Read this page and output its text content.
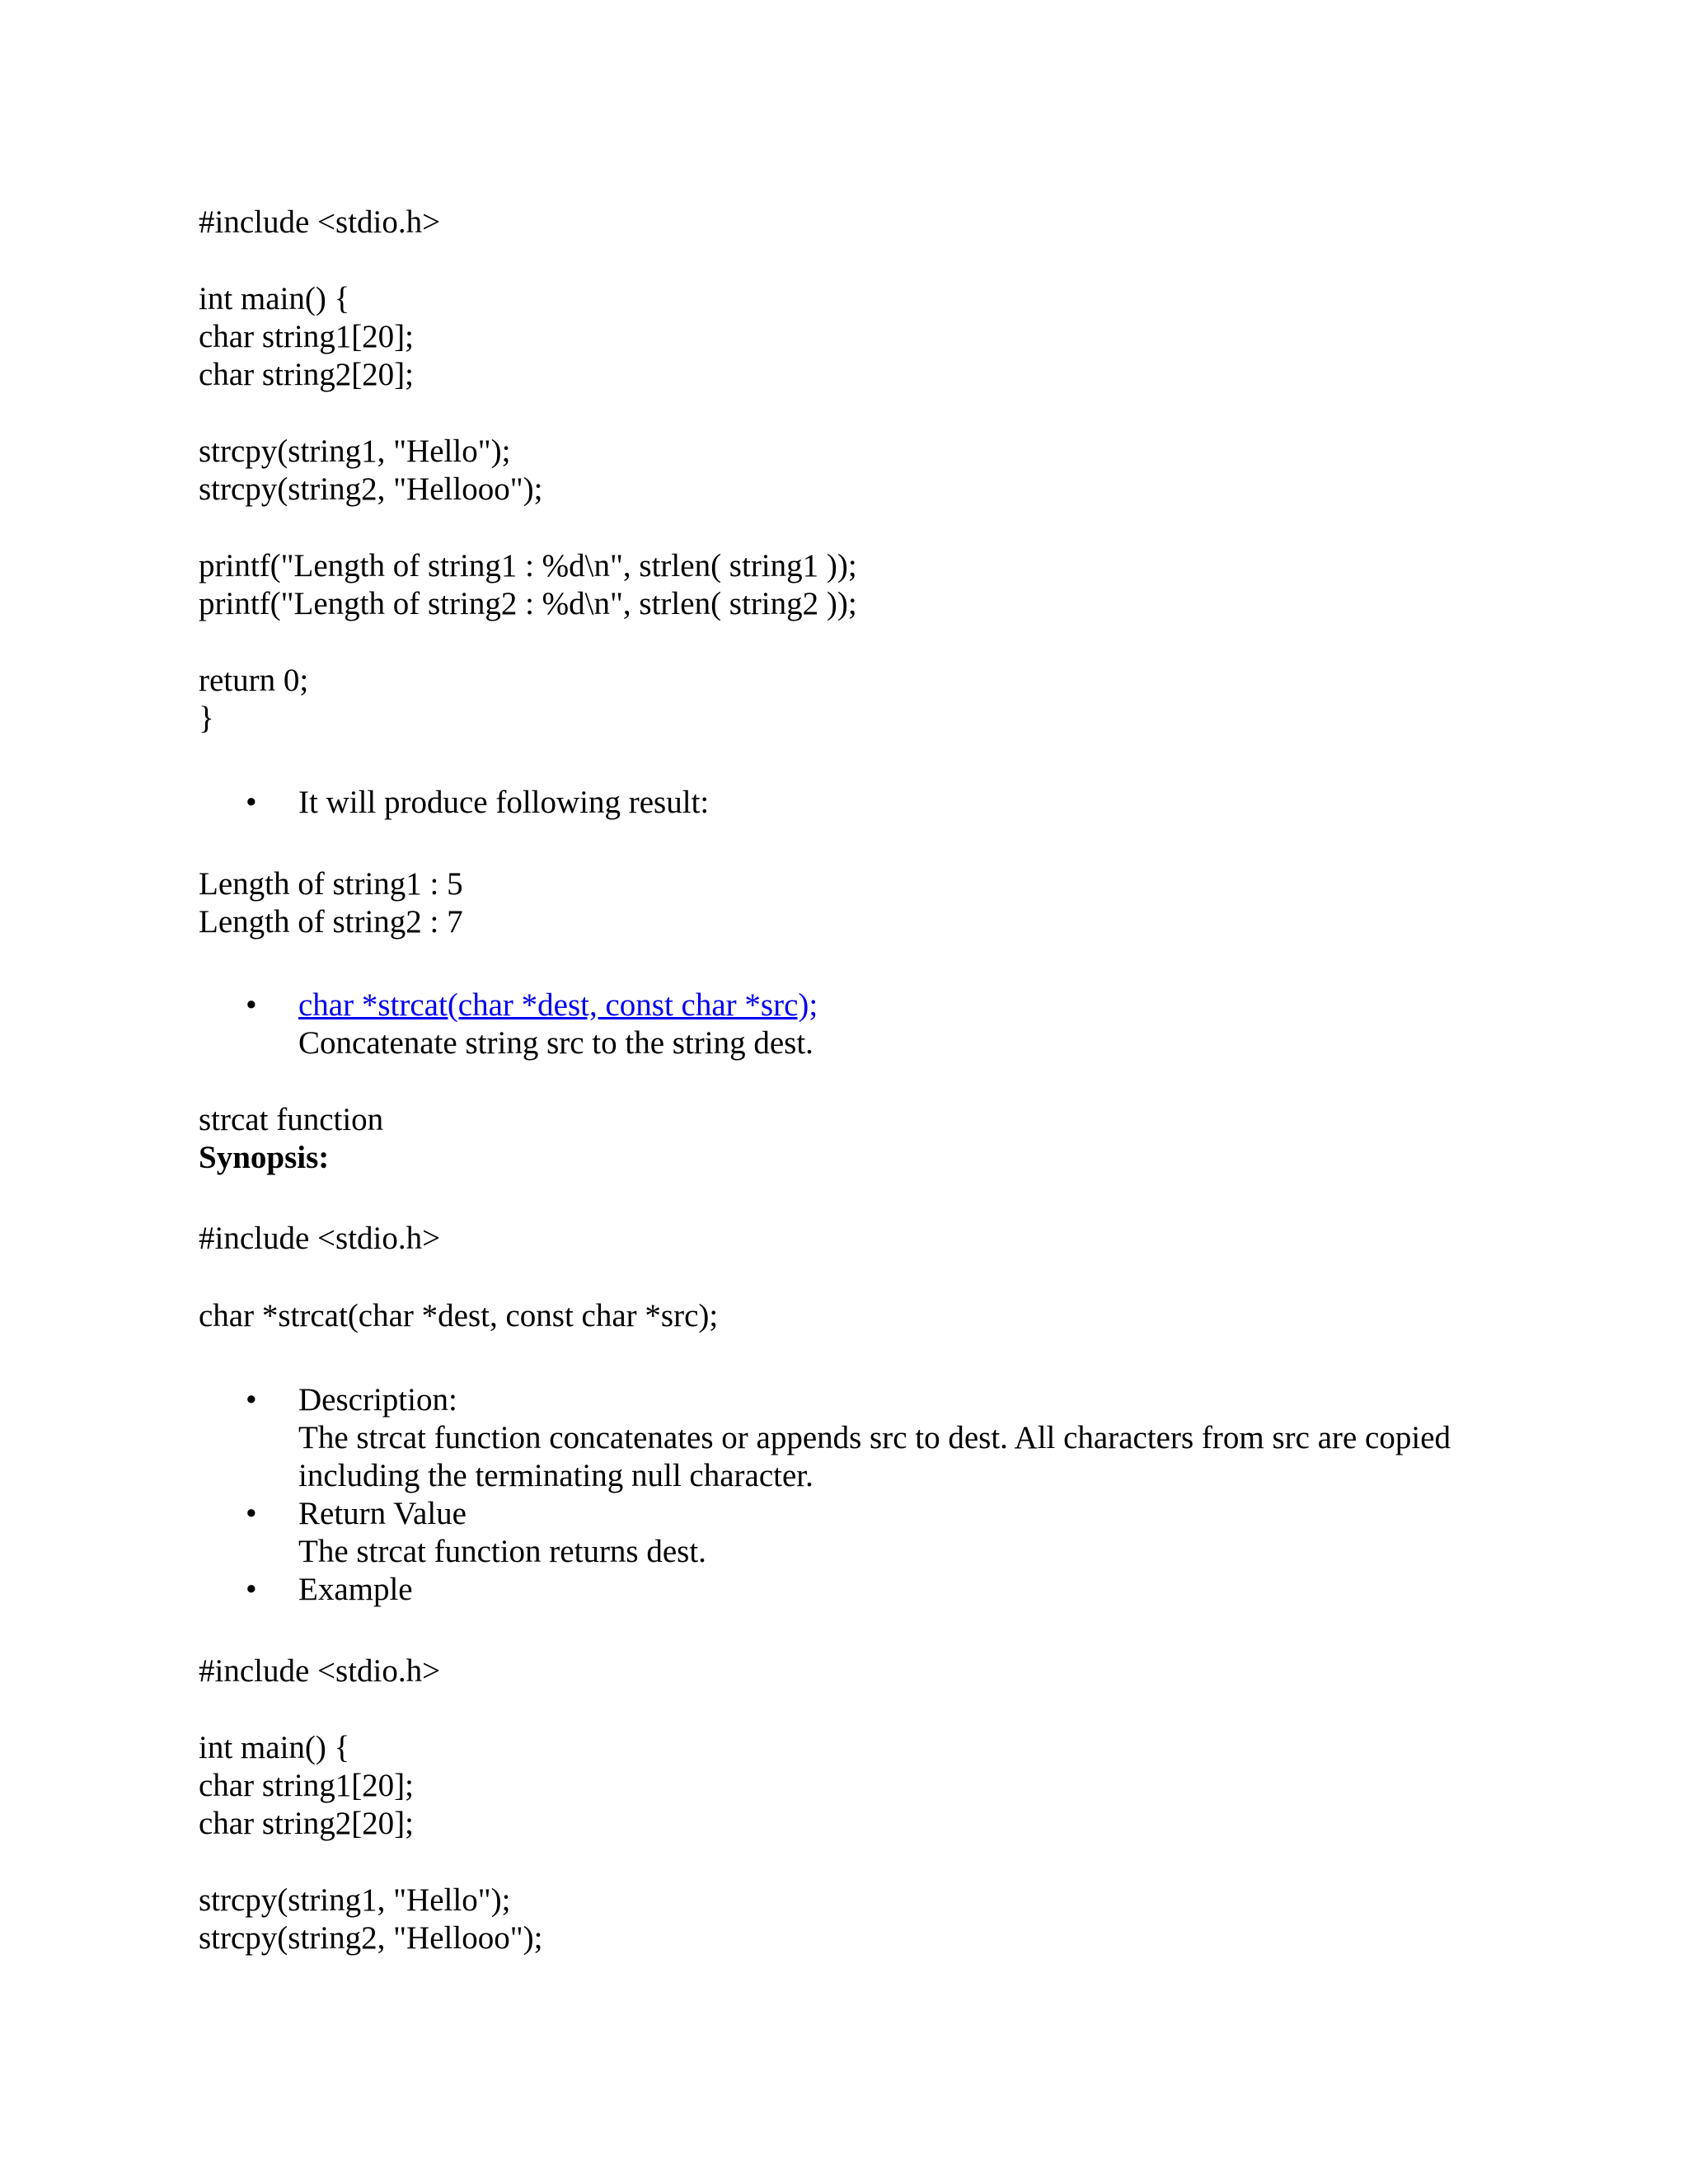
#include <stdio.h>

int main() {

char string1[20];

char string2[20];

strcpy(string1, "Hello");

strcpy(string2, "Hellooo");

printf("Length of string1 : %d\n", strlen( string1 ));

printf("Length of string2 : %d\n", strlen( string2 ));

return 0;

}

• It will produce following result:

Length of string1 : 5

Length of string2 : 7

• char *strcat(char *dest, const char *src);

Concatenate string src to the string dest.

strcat function

Synopsis:

#include <stdio.h>

char *strcat(char *dest, const char *src);

• Description:

The strcat function concatenates or appends src to dest. All characters from src are copied

including the terminating null character.

• Return Value

The strcat function returns dest.

• Example

#include <stdio.h>

int main() {

char string1[20];

char string2[20];

strcpy(string1, "Hello");

strcpy(string2, "Hellooo");
